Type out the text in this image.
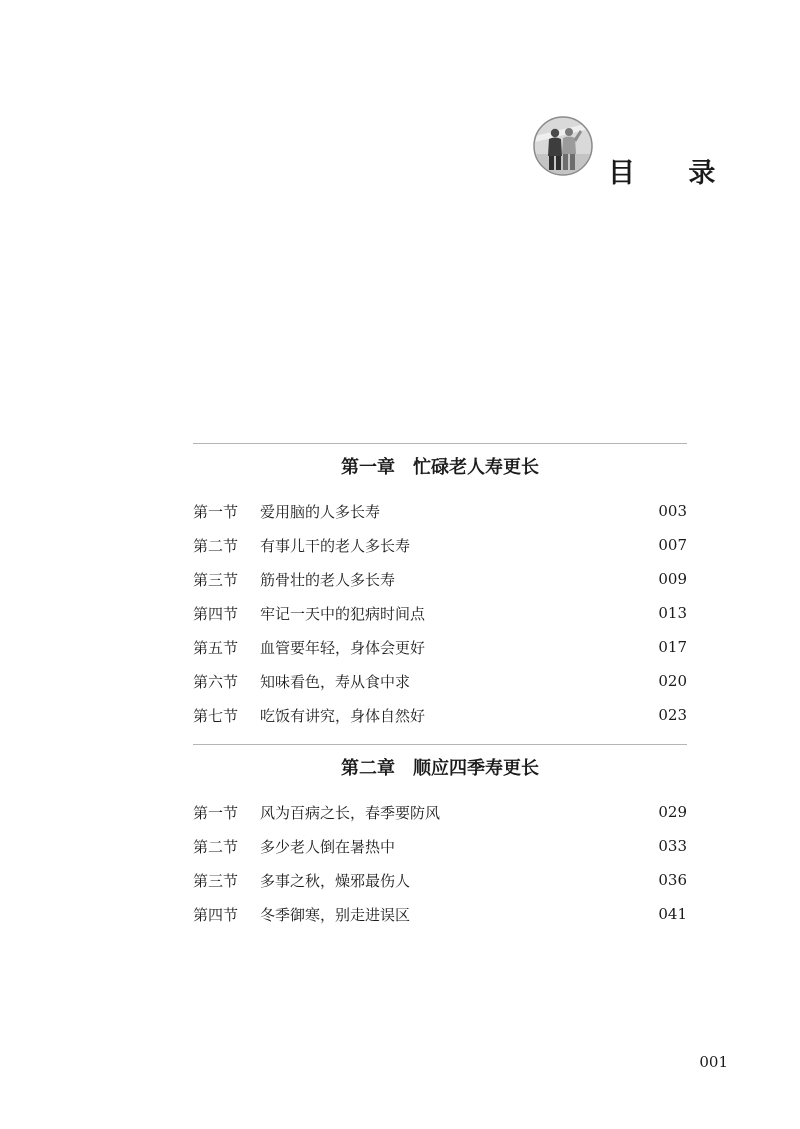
目 录
第一章　忙碌老人寿更长
第一节	爱用脑的人多长寿	003
第二节	有事儿干的老人多长寿	007
第三节	筋骨壮的老人多长寿	009
第四节	牢记一天中的犯病时间点	013
第五节	血管要年轻，身体会更好	017
第六节	知味看色，寿从食中求	020
第七节	吃饭有讲究，身体自然好	023
第二章　顺应四季寿更长
第一节	风为百病之长，春季要防风	029
第二节	多少老人倒在暑热中	033
第三节	多事之秋，燥邪最伤人	036
第四节	冬季御寒，别走进误区	041
001
